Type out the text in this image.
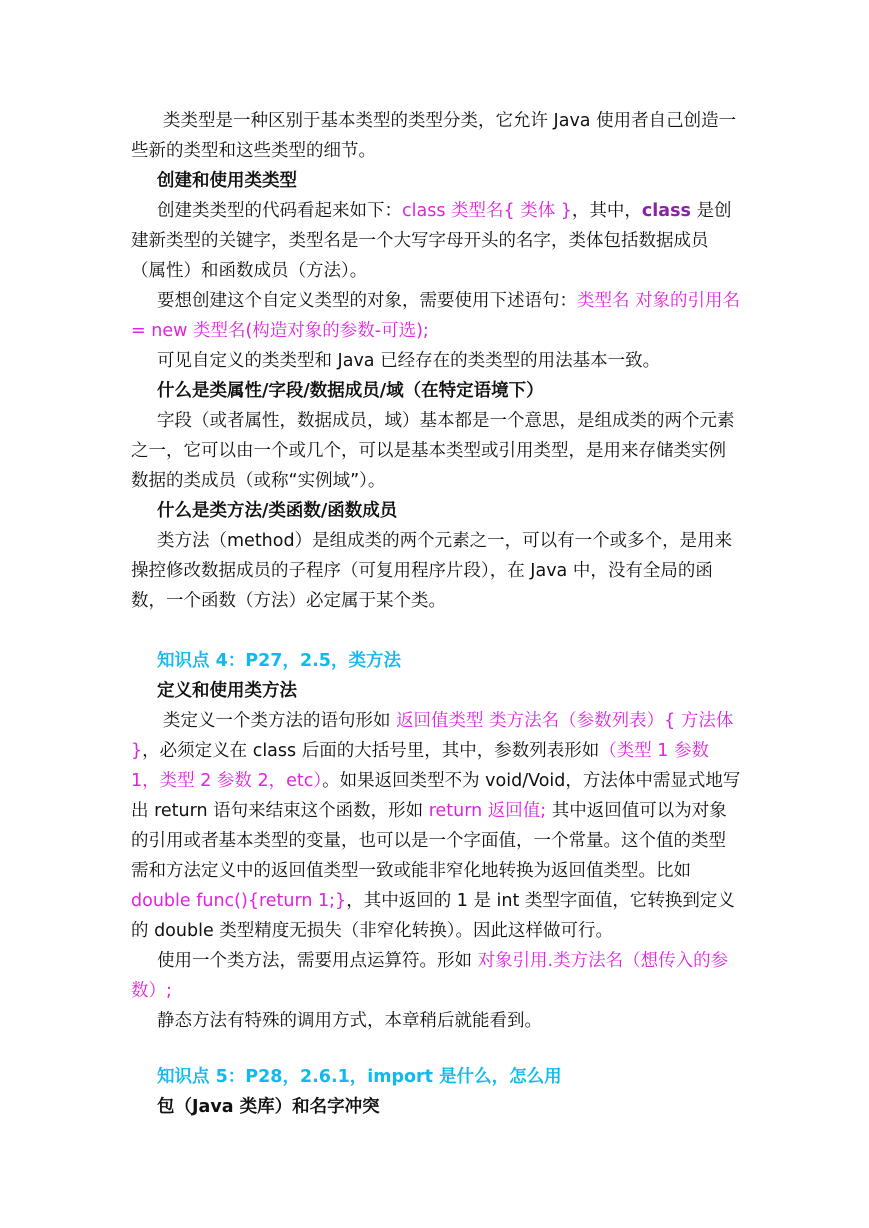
类类型是一种区别于基本类型的类型分类，它允许 Java 使用者自己创造一些新的类型和这些类型的细节。

创建和使用类类型

创建类类型的代码看起来如下：class 类型名{ 类体 }，其中，class 是创建新类型的关键字，类型名是一个大写字母开头的名字，类体包括数据成员（属性）和函数成员（方法）。

要想创建这个自定义类型的对象，需要使用下述语句：类型名 对象的引用名 = new 类型名(构造对象的参数-可选);

可见自定义的类类型和 Java 已经存在的类类型的用法基本一致。

什么是类属性/字段/数据成员/域（在特定语境下）

字段（或者属性，数据成员，域）基本都是一个意思，是组成类的两个元素之一，它可以由一个或几个，可以是基本类型或引用类型，是用来存储类实例数据的类成员（或称“实例域”）。

什么是类方法/类函数/函数成员

类方法（method）是组成类的两个元素之一，可以有一个或多个，是用来操控修改数据成员的子程序（可复用程序片段），在 Java 中，没有全局的函数，一个函数（方法）必定属于某个类。

知识点 4：P27，2.5，类方法

定义和使用类方法

类定义一个类方法的语句形如 返回值类型 类方法名（参数列表）{ 方法体 }，必须定义在 class 后面的大括号里，其中，参数列表形如（类型 1 参数 1，类型 2 参数 2，etc）。如果返回类型不为 void/Void，方法体中需显式地写出 return 语句来结束这个函数，形如 return 返回值; 其中返回值可以为对象的引用或者基本类型的变量，也可以是一个字面值，一个常量。这个值的类型需和方法定义中的返回值类型一致或能非窄化地转换为返回值类型。比如 double func(){return 1;}，其中返回的 1 是 int 类型字面值，它转换到定义的 double 类型精度无损失（非窄化转换）。因此这样做可行。

使用一个类方法，需要用点运算符。形如 对象引用.类方法名（想传入的参数）;

静态方法有特殊的调用方式，本章稍后就能看到。

知识点 5：P28，2.6.1，import 是什么，怎么用

包（Java 类库）和名字冲突
